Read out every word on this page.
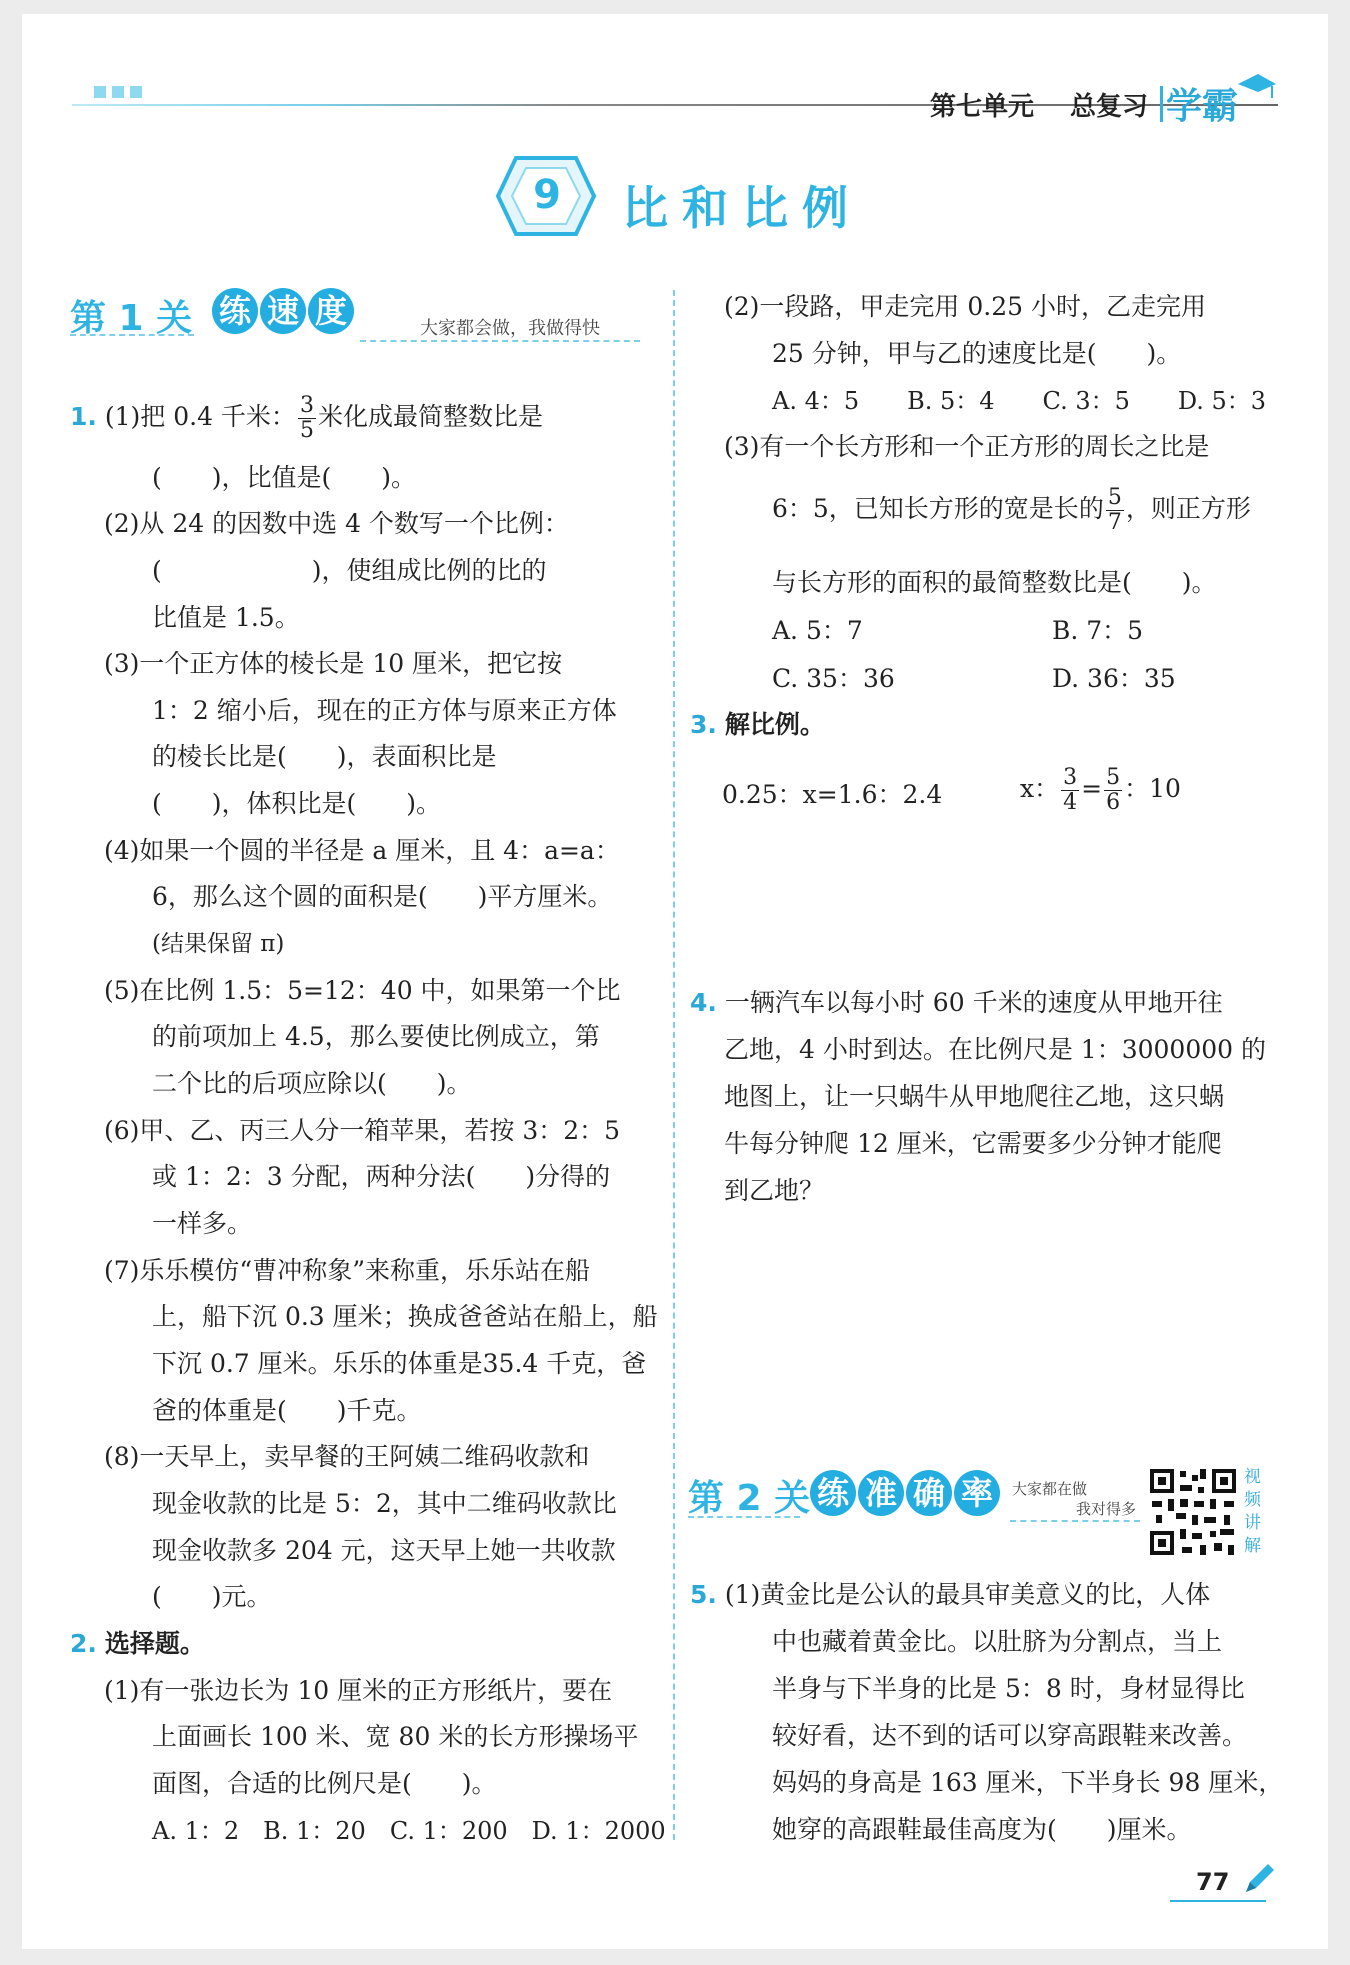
第七单元 总复习 学霸
9 比和比例
第 1 关 练 速 度	大家都会做，我做得快
1. (1)把 0.4 千米： $\frac{3}{5}$ 米化成最简整数比是
(　　)，比值是(　　)。
(2)从 24 的因数中选 4 个数写一个比例：
(　　　　　　)，使组成比例的比的
比值是 1.5。
(3)一个正方体的棱长是 10 厘米，把它按
1：2 缩小后，现在的正方体与原来正方体
的棱长比是(　　)，表面积比是
(　　)，体积比是(　　)。
(4)如果一个圆的半径是 a 厘米，且 4：a=a：
6，那么这个圆的面积是(　　)平方厘米。
(结果保留 π)
(5)在比例 1.5：5=12：40 中，如果第一个比
的前项加上 4.5，那么要使比例成立，第
二个比的后项应除以(　　)。
(6)甲、乙、丙三人分一箱苹果，若按 3：2：5
或 1：2：3 分配，两种分法(　　)分得的
一样多。
(7)乐乐模仿“曹冲称象”来称重，乐乐站在船
上，船下沉 0.3 厘米；换成爸爸站在船上，船
下沉 0.7 厘米。乐乐的体重是35.4 千克，爸
爸的体重是(　　)千克。
(8)一天早上，卖早餐的王阿姨二维码收款和
现金收款的比是 5：2，其中二维码收款比
现金收款多 204 元，这天早上她一共收款
(　　)元。
2. 选择题。
(1)有一张边长为 10 厘米的正方形纸片，要在
上面画长 100 米、宽 80 米的长方形操场平
面图，合适的比例尺是(　　)。
A. 1：2　B. 1：20　C. 1：200　D. 1：2000
(2)一段路，甲走完用 0.25 小时，乙走完用
25 分钟，甲与乙的速度比是(　　)。
A. 4：5　　B. 5：4　　C. 3：5　　D. 5：3
(3)有一个长方形和一个正方形的周长之比是
6：5，已知长方形的宽是长的 $\frac{5}{7}$ ，则正方形
与长方形的面积的最简整数比是(　　)。
A. 5：7	B. 7：5
C. 35：36	D. 36：35
3. 解比例。
0.25：x=1.6：2.4	x： $\frac{3}{4} = \frac{5}{6}$ ：10
4. 一辆汽车以每小时 60 千米的速度从甲地开往
乙地，4 小时到达。在比例尺是 1：3000000 的
地图上，让一只蜗牛从甲地爬往乙地，这只蜗
牛每分钟爬 12 厘米，它需要多少分钟才能爬
到乙地？
第 2 关 练 准 确 率	大家都在做
我对得多
视频讲解
5. (1)黄金比是公认的最具审美意义的比，人体
中也藏着黄金比。以肚脐为分割点，当上
半身与下半身的比是 5：8 时，身材显得比
较好看，达不到的话可以穿高跟鞋来改善。
妈妈的身高是 163 厘米，下半身长 98 厘米，
她穿的高跟鞋最佳高度为(　　)厘米。
77
